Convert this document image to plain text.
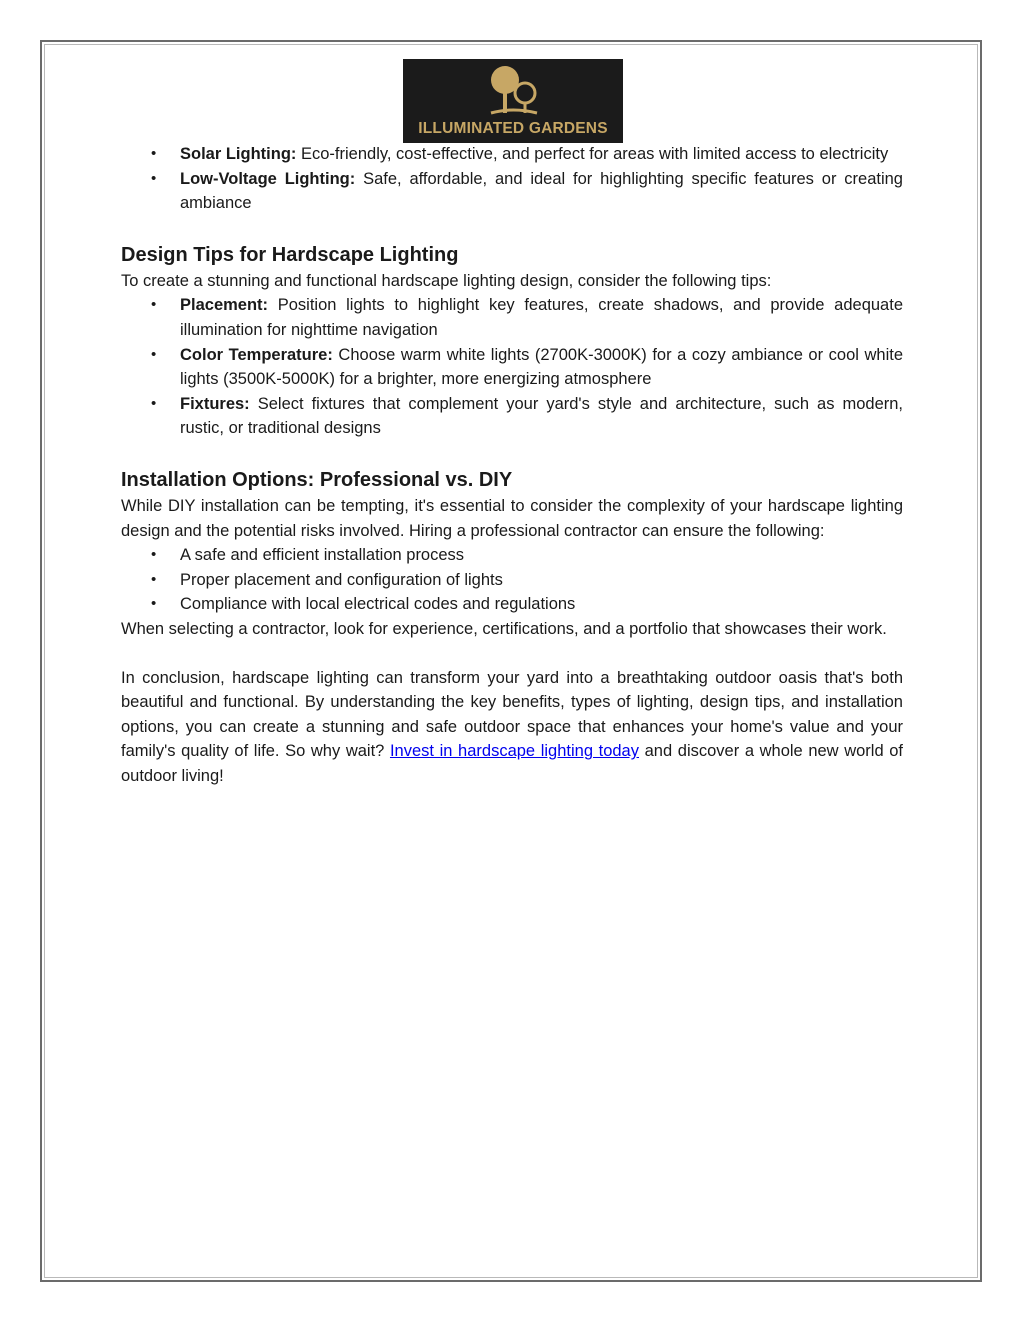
ILLUMINATED GARDENS
• Solar Lighting: Eco-friendly, cost-effective, and perfect for areas with limited access to electricity
• Low-Voltage Lighting: Safe, affordable, and ideal for highlighting specific features or creating ambiance
Design Tips for Hardscape Lighting

To create a stunning and functional hardscape lighting design, consider the following tips:

• Placement: Position lights to highlight key features, create shadows, and provide adequate illumination for nighttime navigation
• Color Temperature: Choose warm white lights (2700K-3000K) for a cozy ambiance or cool white lights (3500K-5000K) for a brighter, more energizing atmosphere
• Fixtures: Select fixtures that complement your yard's style and architecture, such as modern, rustic, or traditional designs
Installation Options: Professional vs. DIY

While DIY installation can be tempting, it's essential to consider the complexity of your hardscape lighting design and the potential risks involved. Hiring a professional contractor can ensure the following:

• A safe and efficient installation process
• Proper placement and configuration of lights
• Compliance with local electrical codes and regulations

When selecting a contractor, look for experience, certifications, and a portfolio that showcases their work.

In conclusion, hardscape lighting can transform your yard into a breathtaking outdoor oasis that's both beautiful and functional. By understanding the key benefits, types of lighting, design tips, and installation options, you can create a stunning and safe outdoor space that enhances your home's value and your family's quality of life. So why wait? Invest in hardscape lighting today and discover a whole new world of outdoor living!
